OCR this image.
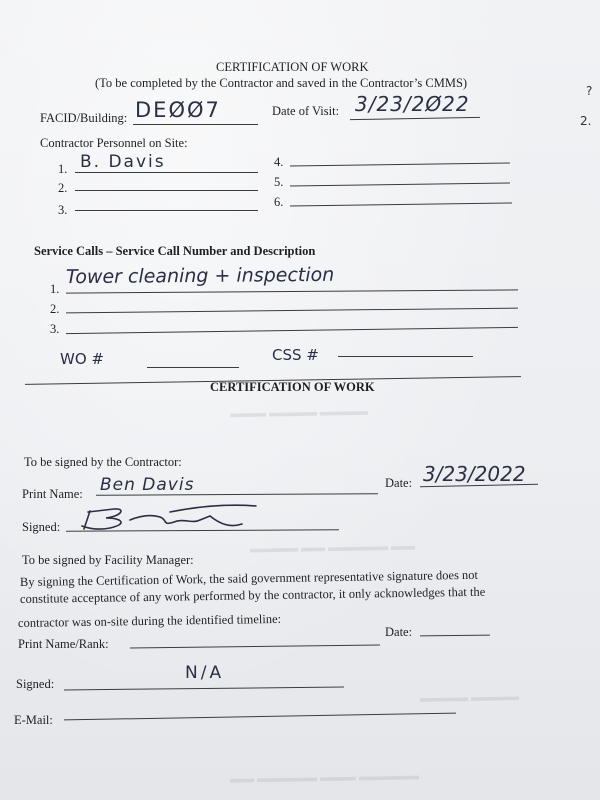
▬▬▬ ▬▬▬▬ ▬▬▬▬
▬▬▬▬ ▬▬ ▬▬▬▬▬ ▬▬
▬▬▬▬ ▬▬▬▬
▬▬ ▬▬▬▬▬ ▬▬▬ ▬▬▬▬▬
CERTIFICATION OF WORK
(To be completed by the Contractor and saved in the Contractor’s CMMS)
FACID/Building: DEØØ7	Date of Visit: 3/23/2Ø22
Contractor Personnel on Site:
1. B. Davis
2.
3.
4.
5.
6.
Service Calls – Service Call Number and Description
1.
Tower cleaning + inspection
2.
3.
WO #	CSS #
CERTIFICATION OF WORK
To be signed by the Contractor:
Print Name: Ben Davis	Date: 3/23/2022
Signed:
To be signed by Facility Manager:
By signing the Certification of Work, the said government representative signature does not
constitute acceptance of any work performed by the contractor, it only acknowledges that the
contractor was on-site during the identified timeline:
Print Name/Rank:
Date:
Signed:
N/A
E-Mail:
?
2.
